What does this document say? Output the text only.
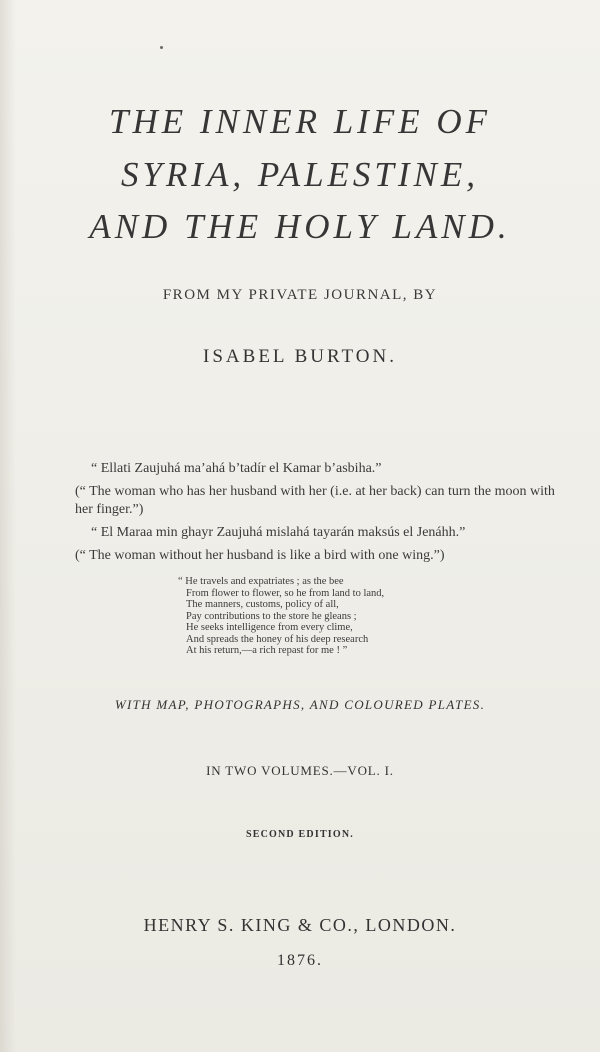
THE INNER LIFE OF
SYRIA, PALESTINE,
AND THE HOLY LAND.
FROM MY PRIVATE JOURNAL, BY
ISABEL BURTON.
“ Ellati Zaujuhá ma’ahá b’tadír el Kamar b’asbiha.”
(“ The woman who has her husband with her (i.e. at her back) can turn the moon with her finger.”)
“ El Maraa min ghayr Zaujuhá mislahá tayarán maksús el Jenáhh.”
(“ The woman without her husband is like a bird with one wing.”)
“ He travels and expatriates ; as the bee
From flower to flower, so he from land to land,
The manners, customs, policy of all,
Pay contributions to the store he gleans ;
He seeks intelligence from every clime,
And spreads the honey of his deep research
At his return,—a rich repast for me ! ”
WITH MAP, PHOTOGRAPHS, AND COLOURED PLATES.
IN TWO VOLUMES.—VOL. I.
SECOND EDITION.
HENRY S. KING & CO., LONDON.
1876.
